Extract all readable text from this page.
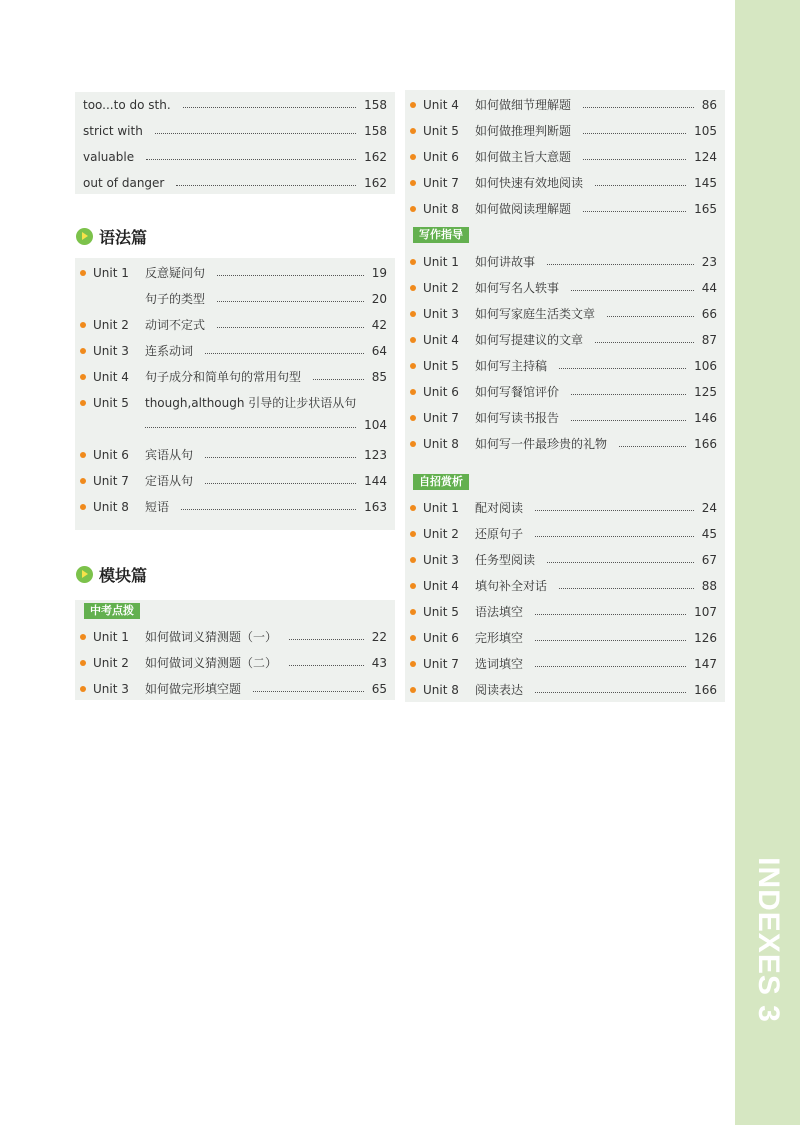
INDEXES 3
语法篇
模块篇
中考点拨
写作指导
自招赏析
too...to do sth.	158
strict with	158
valuable	162
out of danger	162
Unit 1 反意疑问句	19
句子的类型	20
Unit 2 动词不定式	42
Unit 3 连系动词	64
Unit 4 句子成分和简单句的常用句型	85
Unit 5 though,although 引导的让步状语从句
104
Unit 6 宾语从句	123
Unit 7 定语从句	144
Unit 8 短语	163
Unit 1 如何做词义猜测题（一）	22
Unit 2 如何做词义猜测题（二）	43
Unit 3 如何做完形填空题	65
Unit 4 如何做细节理解题	86
Unit 5 如何做推理判断题	105
Unit 6 如何做主旨大意题	124
Unit 7 如何快速有效地阅读	145
Unit 8 如何做阅读理解题	165
Unit 1 如何讲故事	23
Unit 2 如何写名人轶事	44
Unit 3 如何写家庭生活类文章	66
Unit 4 如何写提建议的文章	87
Unit 5 如何写主持稿	106
Unit 6 如何写餐馆评价	125
Unit 7 如何写读书报告	146
Unit 8 如何写一件最珍贵的礼物	166
Unit 1 配对阅读	24
Unit 2 还原句子	45
Unit 3 任务型阅读	67
Unit 4 填句补全对话	88
Unit 5 语法填空	107
Unit 6 完形填空	126
Unit 7 选词填空	147
Unit 8 阅读表达	166
